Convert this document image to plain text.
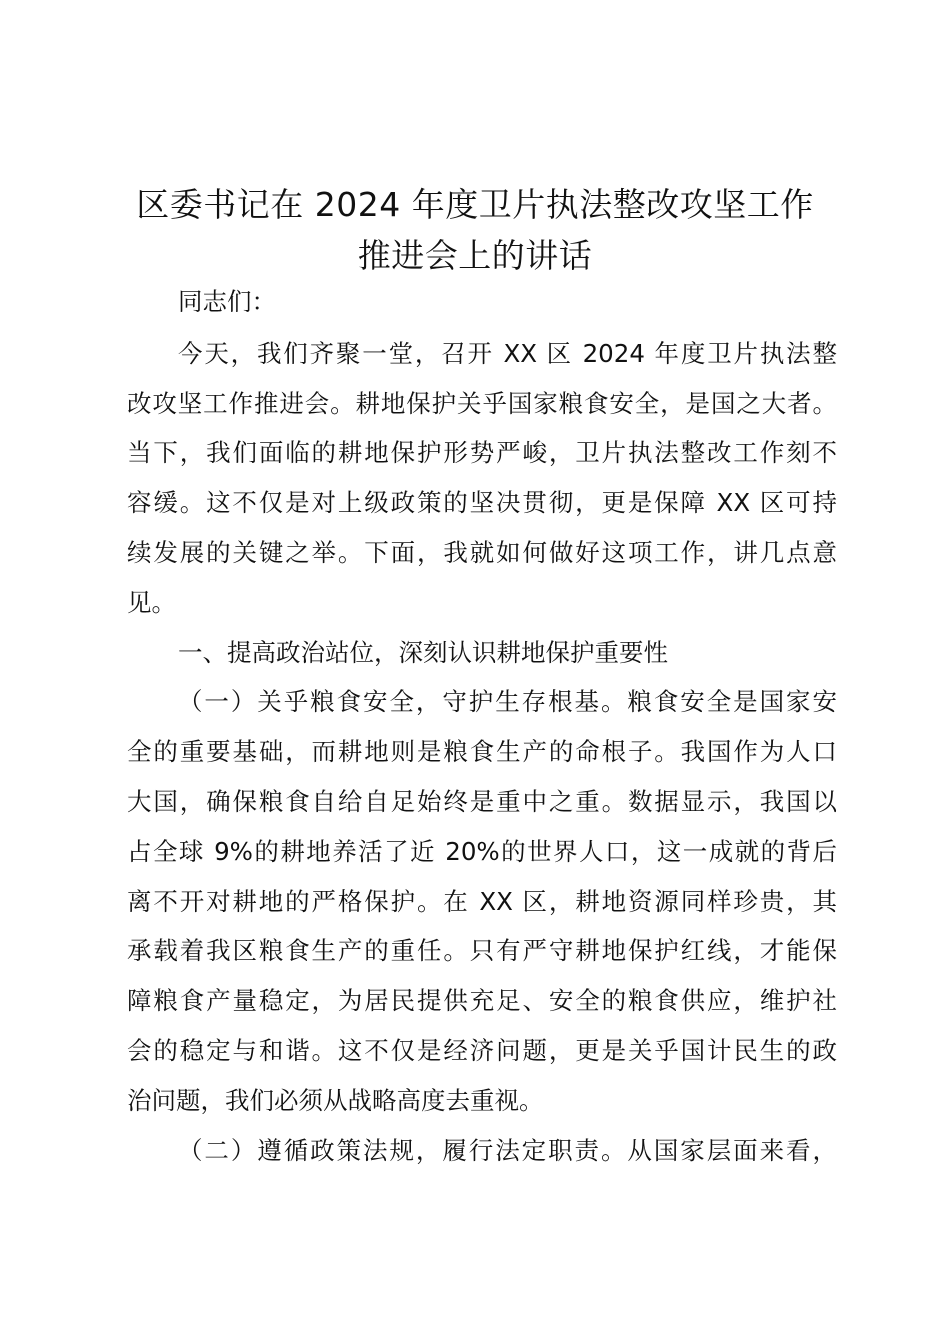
区委书记在 2024 年度卫片执法整改攻坚工作
推进会上的讲话
同志们：
今天，我们齐聚一堂，召开 XX 区 2024 年度卫片执法整
改攻坚工作推进会。耕地保护关乎国家粮食安全，是国之大者。
当下，我们面临的耕地保护形势严峻，卫片执法整改工作刻不
容缓。这不仅是对上级政策的坚决贯彻，更是保障 XX 区可持
续发展的关键之举。下面，我就如何做好这项工作，讲几点意
见。
一、提高政治站位，深刻认识耕地保护重要性
（一）关乎粮食安全，守护生存根基。粮食安全是国家安
全的重要基础，而耕地则是粮食生产的命根子。我国作为人口
大国，确保粮食自给自足始终是重中之重。数据显示，我国以
占全球 9%的耕地养活了近 20%的世界人口，这一成就的背后
离不开对耕地的严格保护。在 XX 区，耕地资源同样珍贵，其
承载着我区粮食生产的重任。只有严守耕地保护红线，才能保
障粮食产量稳定，为居民提供充足、安全的粮食供应，维护社
会的稳定与和谐。这不仅是经济问题，更是关乎国计民生的政
治问题，我们必须从战略高度去重视。
（二）遵循政策法规，履行法定职责。从国家层面来看，
